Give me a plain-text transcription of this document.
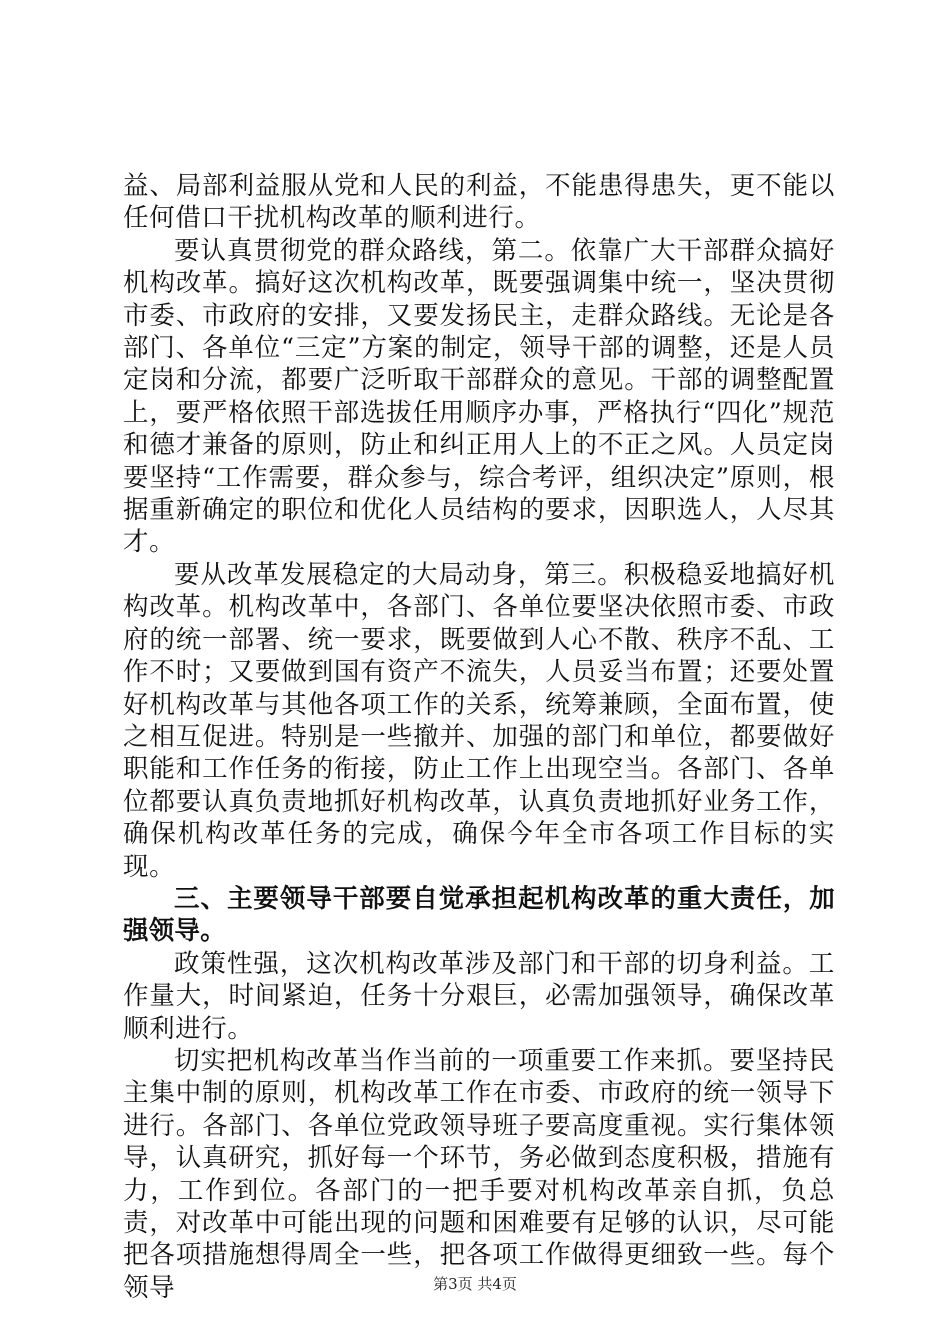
益、局部利益服从党和人民的利益，不能患得患失，更不能以任何借口干扰机构改革的顺利进行。

要认真贯彻党的群众路线，第二。依靠广大干部群众搞好机构改革。搞好这次机构改革，既要强调集中统一，坚决贯彻市委、市政府的安排，又要发扬民主，走群众路线。无论是各部门、各单位“三定”方案的制定，领导干部的调整，还是人员定岗和分流，都要广泛听取干部群众的意见。干部的调整配置上，要严格依照干部选拔任用顺序办事，严格执行“四化”规范和德才兼备的原则，防止和纠正用人上的不正之风。人员定岗要坚持“工作需要，群众参与，综合考评，组织决定”原则，根据重新确定的职位和优化人员结构的要求，因职选人，人尽其才。

要从改革发展稳定的大局动身，第三。积极稳妥地搞好机构改革。机构改革中，各部门、各单位要坚决依照市委、市政府的统一部署、统一要求，既要做到人心不散、秩序不乱、工作不时；又要做到国有资产不流失，人员妥当布置；还要处置好机构改革与其他各项工作的关系，统筹兼顾，全面布置，使之相互促进。特别是一些撤并、加强的部门和单位，都要做好职能和工作任务的衔接，防止工作上出现空当。各部门、各单位都要认真负责地抓好机构改革，认真负责地抓好业务工作，确保机构改革任务的完成，确保今年全市各项工作目标的实现。

三、主要领导干部要自觉承担起机构改革的重大责任，加强领导。

政策性强，这次机构改革涉及部门和干部的切身利益。工作量大，时间紧迫，任务十分艰巨，必需加强领导，确保改革顺利进行。

切实把机构改革当作当前的一项重要工作来抓。要坚持民主集中制的原则，机构改革工作在市委、市政府的统一领导下进行。各部门、各单位党政领导班子要高度重视。实行集体领导，认真研究，抓好每一个环节，务必做到态度积极，措施有力，工作到位。各部门的一把手要对机构改革亲自抓，负总责，对改革中可能出现的问题和困难要有足够的认识，尽可能把各项措施想得周全一些，把各项工作做得更细致一些。每个领导	第3页 共4页
